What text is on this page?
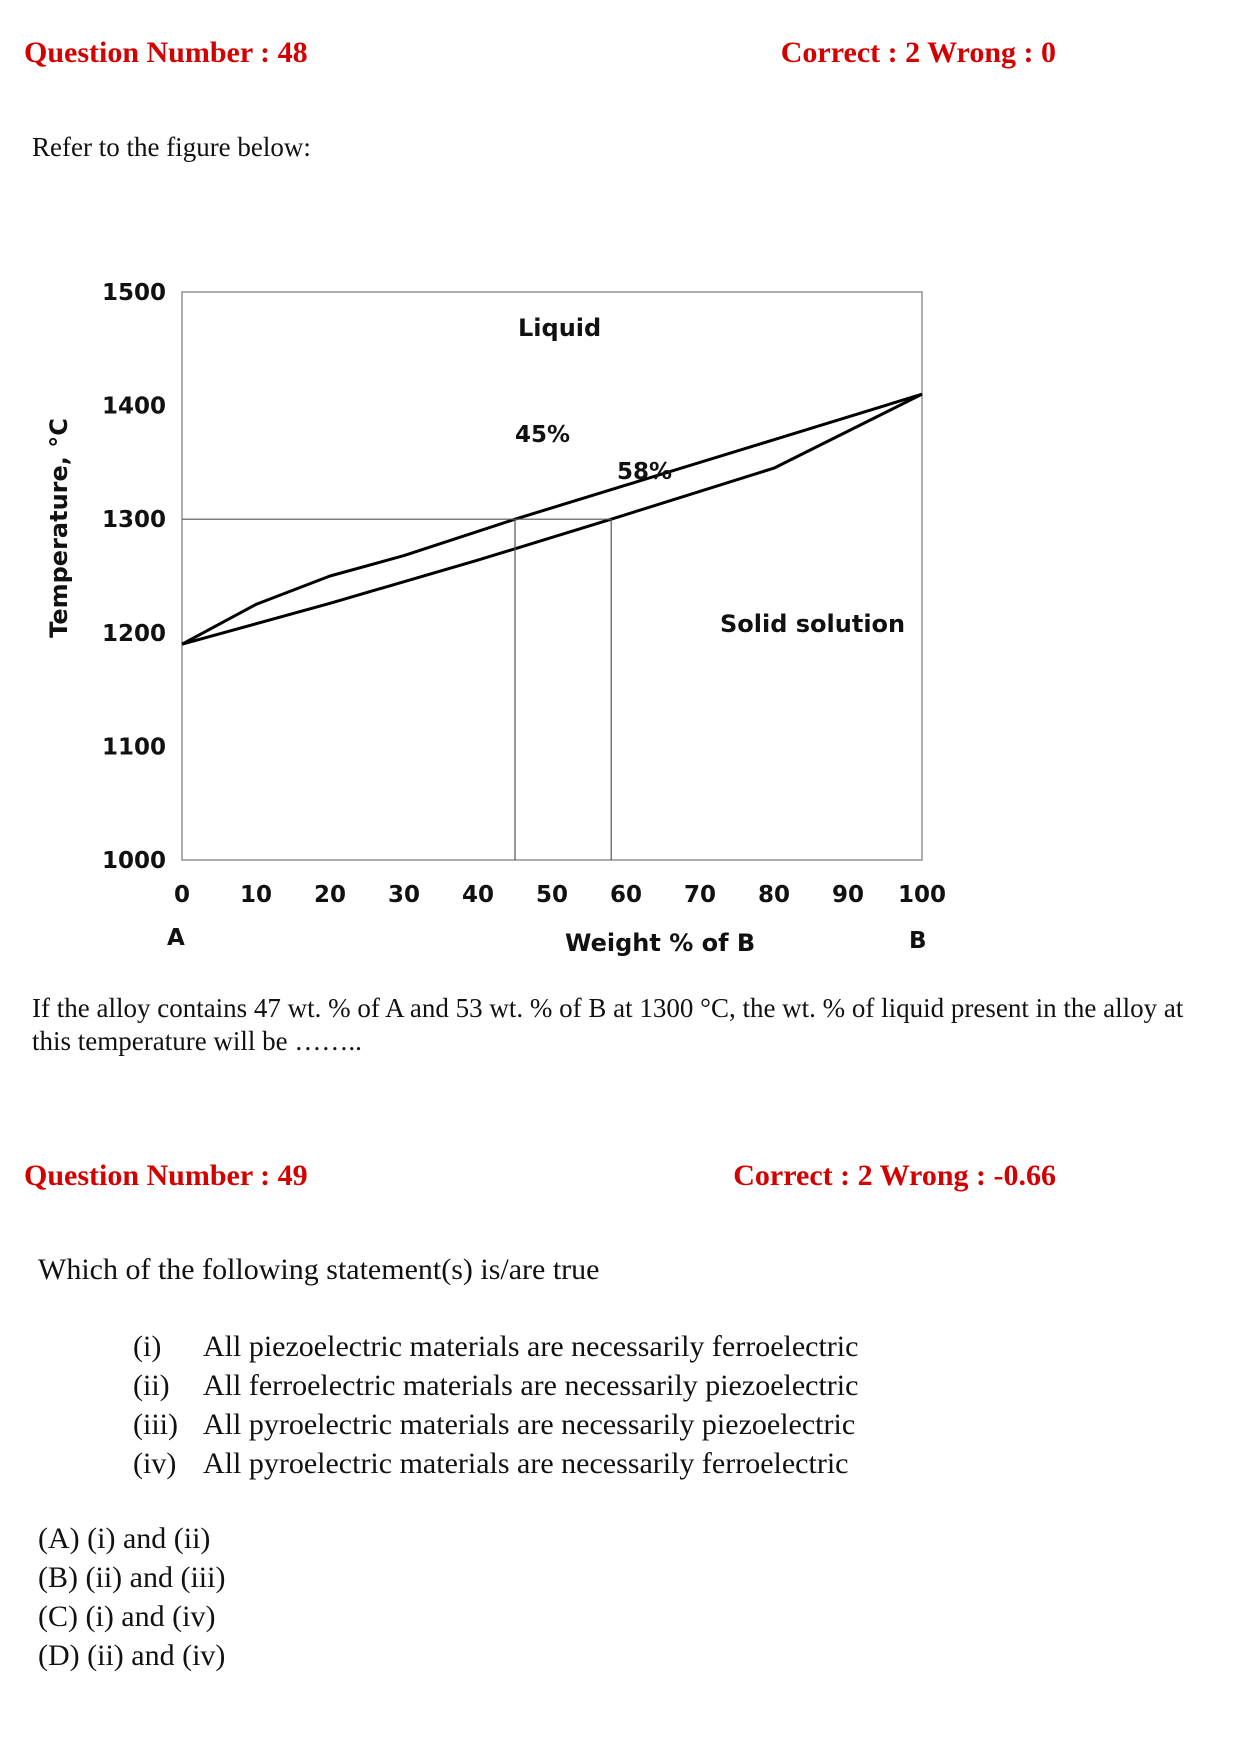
Question Number : 48	Correct : 2 Wrong : 0
Refer to the figure below:
1000
1100
1200
1300
1400
1500
0 10 20 30 40 50 60 70 80 90 100
Temperature, °C
Weight % of B
A	B
Liquid
Solid solution
45%
58%
If the alloy contains 47 wt. % of A and 53 wt. % of B at 1300 °C, the wt. % of liquid present in the alloy at this temperature will be ……..
Question Number : 49	Correct : 2 Wrong : -0.66
Which of the following statement(s) is/are true
(i) All piezoelectric materials are necessarily ferroelectric
(ii) All ferroelectric materials are necessarily piezoelectric
(iii) All pyroelectric materials are necessarily piezoelectric
(iv) All pyroelectric materials are necessarily ferroelectric
(A) (i) and (ii)
(B) (ii) and (iii)
(C) (i) and (iv)
(D) (ii) and (iv)
